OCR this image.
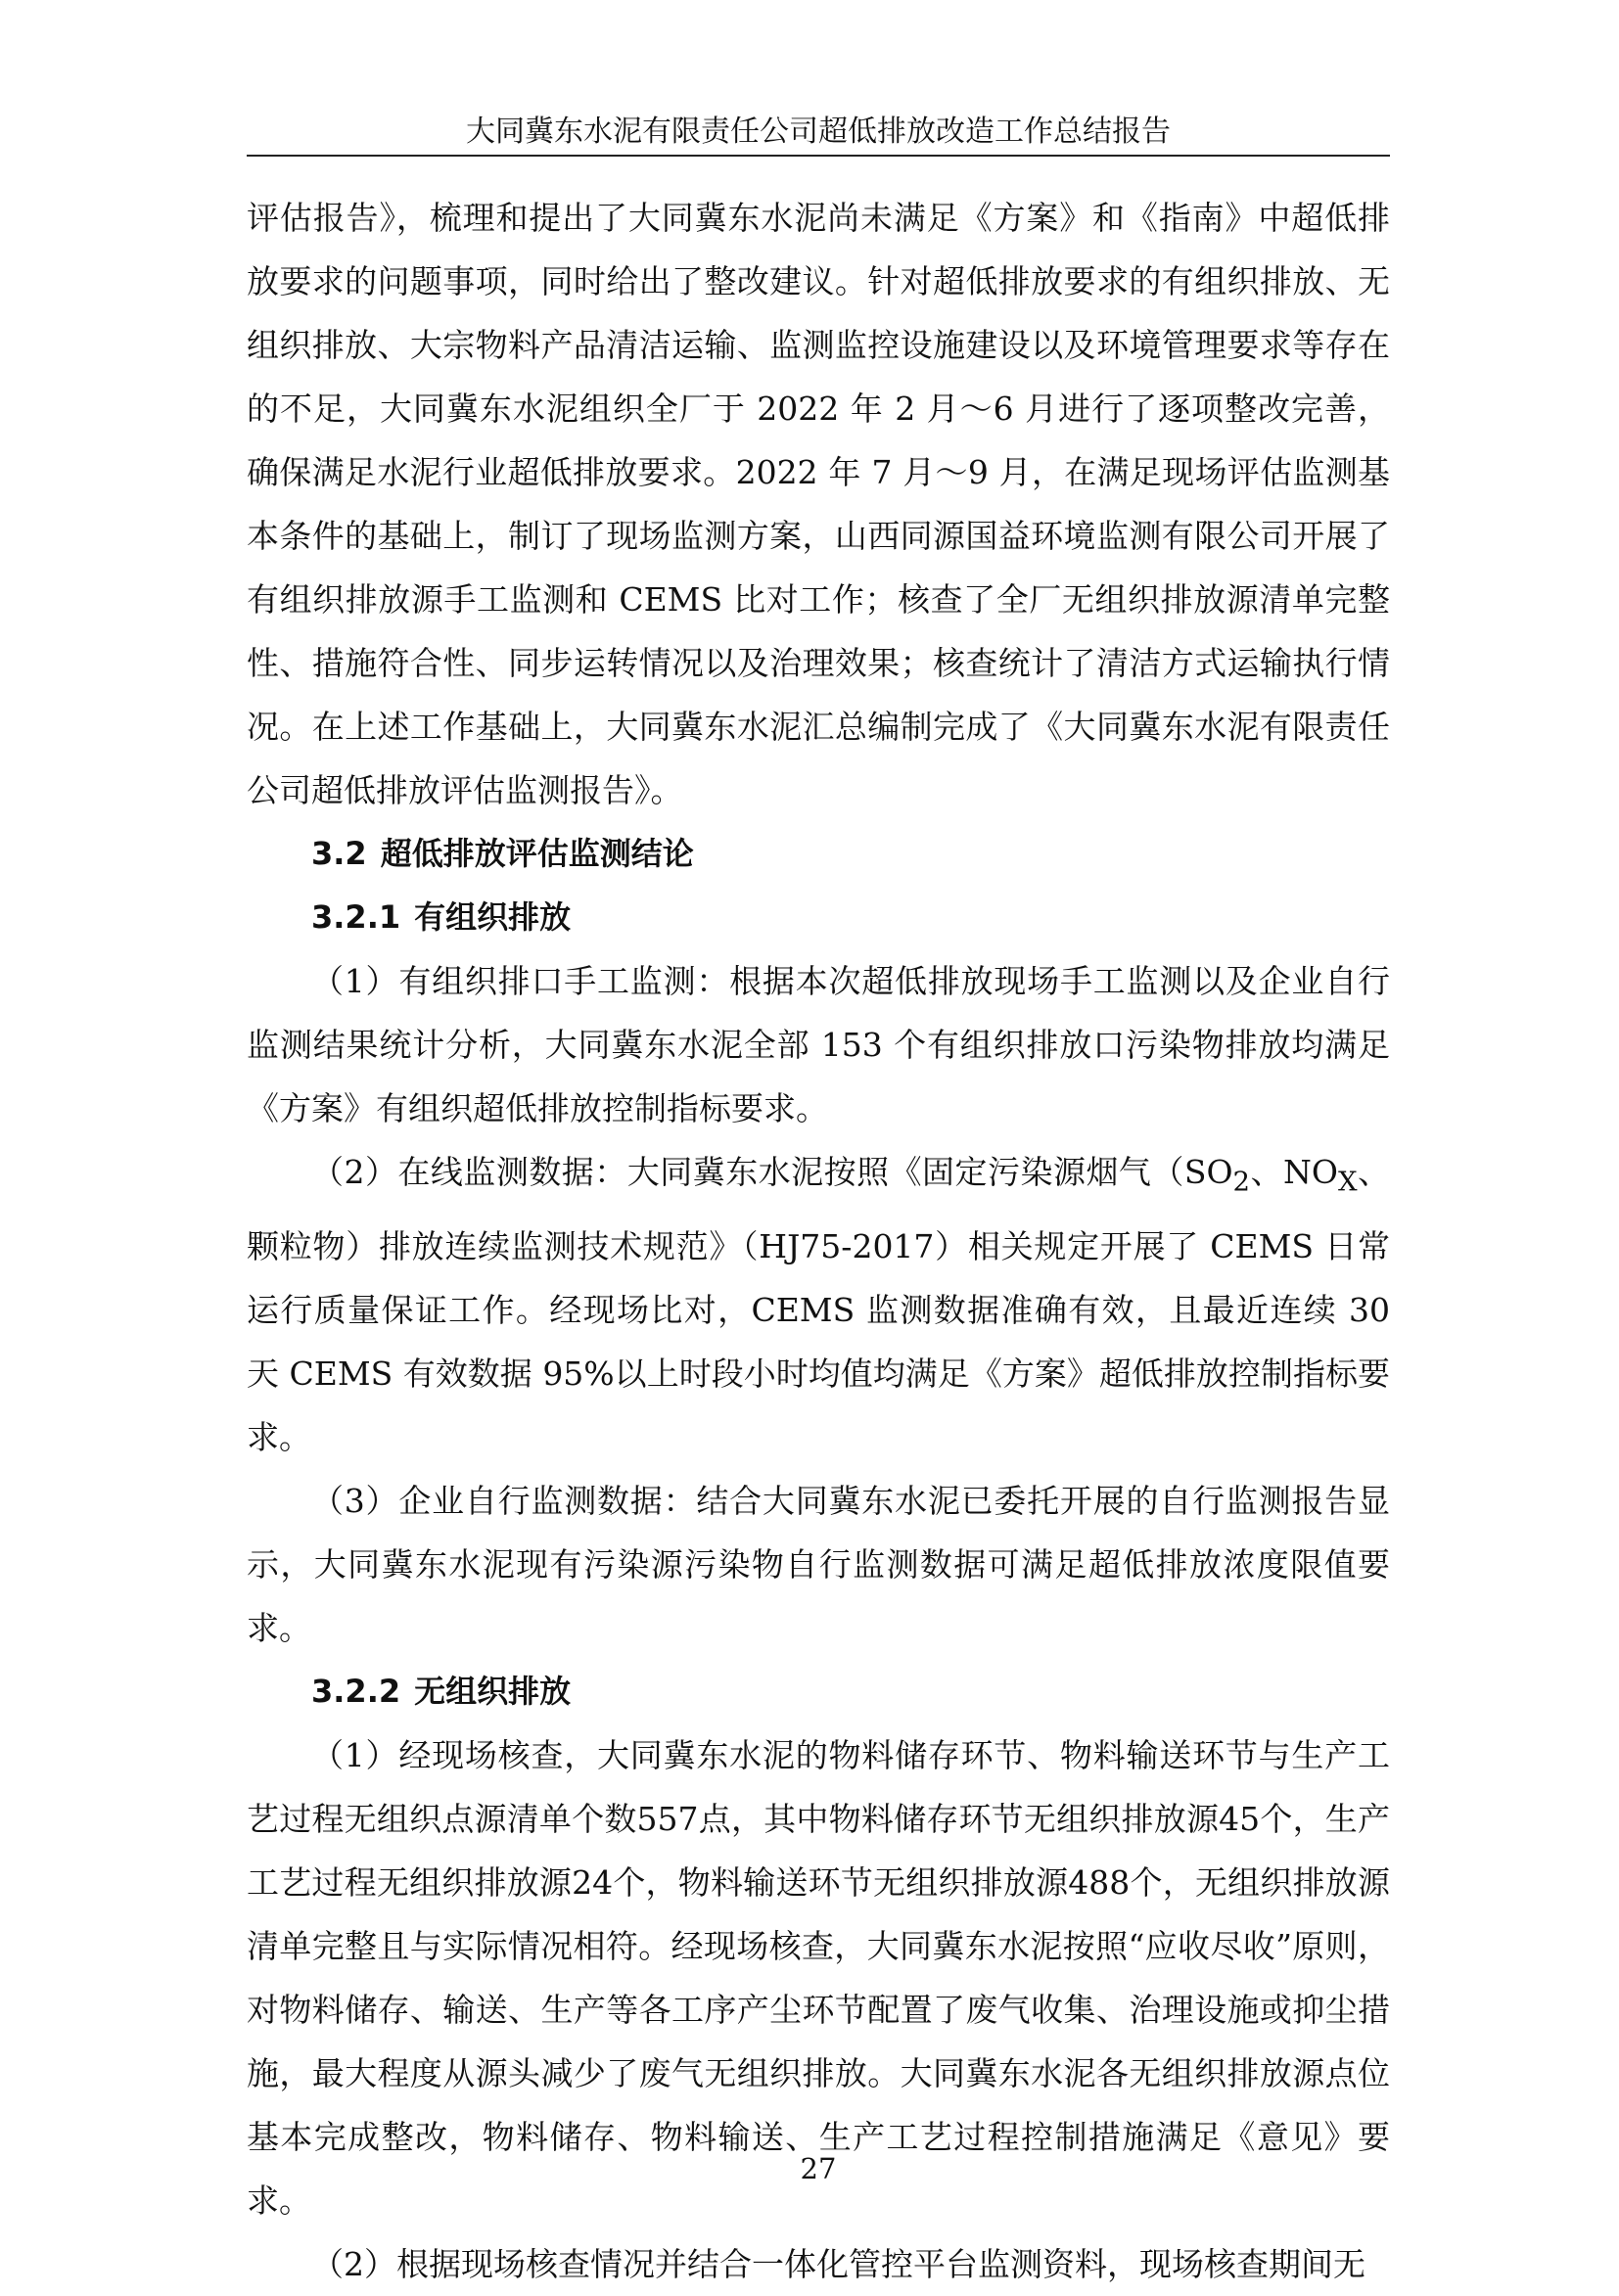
大同冀东水泥有限责任公司超低排放改造工作总结报告

评估报告》，梳理和提出了大同冀东水泥尚未满足《方案》和《指南》中超低排放要求的问题事项，同时给出了整改建议。针对超低排放要求的有组织排放、无组织排放、大宗物料产品清洁运输、监测监控设施建设以及环境管理要求等存在的不足，大同冀东水泥组织全厂于 2022 年 2 月～6 月进行了逐项整改完善，确保满足水泥行业超低排放要求。2022 年 7 月～9 月，在满足现场评估监测基本条件的基础上，制订了现场监测方案，山西同源国益环境监测有限公司开展了有组织排放源手工监测和 CEMS 比对工作；核查了全厂无组织排放源清单完整性、措施符合性、同步运转情况以及治理效果；核查统计了清洁方式运输执行情况。在上述工作基础上，大同冀东水泥汇总编制完成了《大同冀东水泥有限责任公司超低排放评估监测报告》。

3.2 超低排放评估监测结论

3.2.1 有组织排放

（1）有组织排口手工监测：根据本次超低排放现场手工监测以及企业自行监测结果统计分析，大同冀东水泥全部 153 个有组织排放口污染物排放均满足《方案》有组织超低排放控制指标要求。

（2）在线监测数据：大同冀东水泥按照《固定污染源烟气（$SO_2$、$NO_X$、颗粒物）排放连续监测技术规范》（HJ75-2017）相关规定开展了 CEMS 日常运行质量保证工作。经现场比对，CEMS 监测数据准确有效，且最近连续 30 天 CEMS 有效数据 95%以上时段小时均值均满足《方案》超低排放控制指标要求。

（3）企业自行监测数据：结合大同冀东水泥已委托开展的自行监测报告显示，大同冀东水泥现有污染源污染物自行监测数据可满足超低排放浓度限值要求。

3.2.2 无组织排放

（1）经现场核查，大同冀东水泥的物料储存环节、物料输送环节与生产工艺过程无组织点源清单个数557点，其中物料储存环节无组织排放源45个，生产工艺过程无组织排放源24个，物料输送环节无组织排放源488个，无组织排放源清单完整且与实际情况相符。经现场核查，大同冀东水泥按照“应收尽收”原则，对物料储存、输送、生产等各工序产尘环节配置了废气收集、治理设施或抑尘措施，最大程度从源头减少了废气无组织排放。大同冀东水泥各无组织排放源点位基本完成整改，物料储存、物料输送、生产工艺过程控制措施满足《意见》要求。

（2）根据现场核查情况并结合一体化管控平台监测资料，现场核查期间无

27
